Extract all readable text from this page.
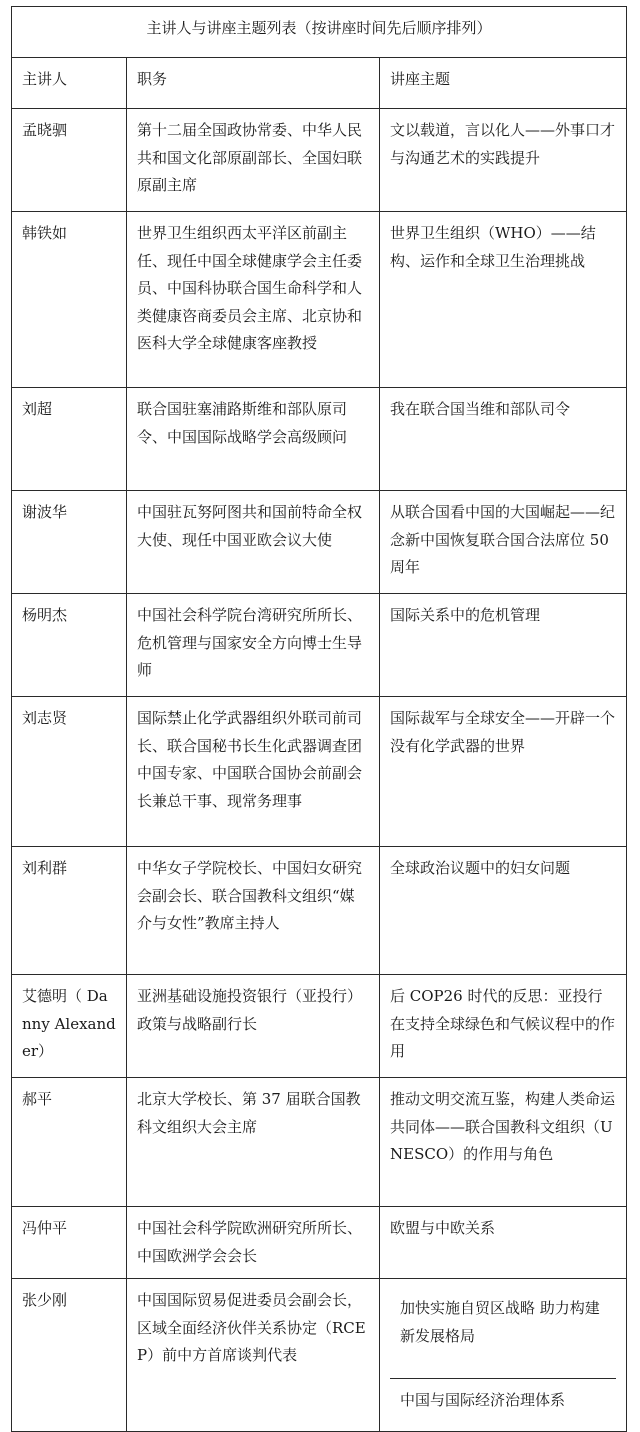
主讲人与讲座主题列表（按讲座时间先后顺序排列）		
主讲人	职务	讲座主题
孟晓驷	第十二届全国政协常委、中华人民共和国文化部原副部长、全国妇联原副主席	文以载道，言以化人——外事口才与沟通艺术的实践提升
韩铁如	世界卫生组织西太平洋区前副主任、现任中国全球健康学会主任委员、中国科协联合国生命科学和人类健康咨商委员会主席、北京协和医科大学全球健康客座教授	世界卫生组织（WHO）——结构、运作和全球卫生治理挑战
刘超	联合国驻塞浦路斯维和部队原司令、中国国际战略学会高级顾问	我在联合国当维和部队司令
谢波华	中国驻瓦努阿图共和国前特命全权大使、现任中国亚欧会议大使	从联合国看中国的大国崛起——纪念新中国恢复联合国合法席位 50 周年
杨明杰	中国社会科学院台湾研究所所长、危机管理与国家安全方向博士生导师	国际关系中的危机管理
刘志贤	国际禁止化学武器组织外联司前司长、联合国秘书长生化武器调查团中国专家、中国联合国协会前副会长兼总干事、现常务理事	国际裁军与全球安全——开辟一个没有化学武器的世界
刘利群	中华女子学院校长、中国妇女研究会副会长、联合国教科文组织“媒介与女性”教席主持人	全球政治议题中的妇女问题
艾德明（ Danny Alexander）	亚洲基础设施投资银行（亚投行）政策与战略副行长	后 COP26 时代的反思：亚投行在支持全球绿色和气候议程中的作用
郝平	北京大学校长、第 37 届联合国教科文组织大会主席	推动文明交流互鉴，构建人类命运共同体——联合国教科文组织（UNESCO）的作用与角色
冯仲平	中国社会科学院欧洲研究所所长、中国欧洲学会会长	欧盟与中欧关系
张少刚	中国国际贸易促进委员会副会长，区域全面经济伙伴关系协定（RCEP）前中方首席谈判代表	加快实施自贸区战略 助力构建新发展格局
中国与国际经济治理体系
